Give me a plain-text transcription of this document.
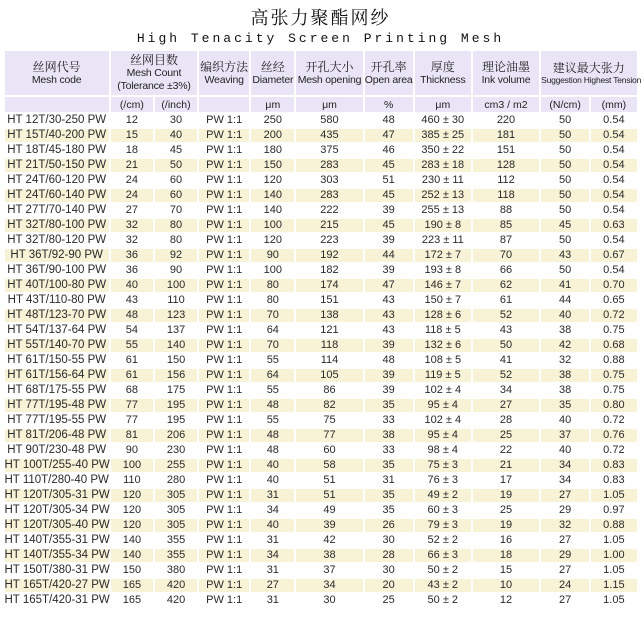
高张力聚酯网纱
High Tenacity Screen Printing Mesh
丝网代号
Mesh code

丝网目数
Mesh Count
(Tolerance ±3%)

编织方法
Weaving

丝经
Diameter

开孔大小
Mesh opening

开孔率
Open area

厚度
Thickness

理论油墨
Ink volume

建议最大张力
Suggestion Highest Tension

	(/cm)	(/inch)		μm	μm	%	μm	cm3 / m2	(N/cm)	(mm)
HT 12T/30-250 PW	12	30	PW 1:1	250	580	48	460 ± 30	220	50	0.54
HT 15T/40-200 PW	15	40	PW 1:1	200	435	47	385 ± 25	181	50	0.54
HT 18T/45-180 PW	18	45	PW 1:1	180	375	46	350 ± 22	151	50	0.54
HT 21T/50-150 PW	21	50	PW 1:1	150	283	45	283 ± 18	128	50	0.54
HT 24T/60-120 PW	24	60	PW 1:1	120	303	51	230 ± 11	112	50	0.54
HT 24T/60-140 PW	24	60	PW 1:1	140	283	45	252 ± 13	118	50	0.54
HT 27T/70-140 PW	27	70	PW 1:1	140	222	39	255 ± 13	88	50	0.54
HT 32T/80-100 PW	32	80	PW 1:1	100	215	45	190 ± 8	85	45	0.63
HT 32T/80-120 PW	32	80	PW 1:1	120	223	39	223 ± 11	87	50	0.54
HT 36T/92-90 PW	36	92	PW 1:1	90	192	44	172 ± 7	70	43	0.67
HT 36T/90-100 PW	36	90	PW 1:1	100	182	39	193 ± 8	66	50	0.54
HT 40T/100-80 PW	40	100	PW 1:1	80	174	47	146 ± 7	62	41	0.70
HT 43T/110-80 PW	43	110	PW 1:1	80	151	43	150 ± 7	61	44	0.65
HT 48T/123-70 PW	48	123	PW 1:1	70	138	43	128 ± 6	52	40	0.72
HT 54T/137-64 PW	54	137	PW 1:1	64	121	43	118 ± 5	43	38	0.75
HT 55T/140-70 PW	55	140	PW 1:1	70	118	39	132 ± 6	50	42	0.68
HT 61T/150-55 PW	61	150	PW 1:1	55	114	48	108 ± 5	41	32	0.88
HT 61T/156-64 PW	61	156	PW 1:1	64	105	39	119 ± 5	52	38	0.75
HT 68T/175-55 PW	68	175	PW 1:1	55	86	39	102 ± 4	34	38	0.75
HT 77T/195-48 PW	77	195	PW 1:1	48	82	35	95 ± 4	27	35	0.80
HT 77T/195-55 PW	77	195	PW 1:1	55	75	33	102 ± 4	28	40	0.72
HT 81T/206-48 PW	81	206	PW 1:1	48	77	38	95 ± 4	25	37	0.76
HT 90T/230-48 PW	90	230	PW 1:1	48	60	33	98 ± 4	22	40	0.72
HT 100T/255-40 PW	100	255	PW 1:1	40	58	35	75 ± 3	21	34	0.83
HT 110T/280-40 PW	110	280	PW 1:1	40	51	31	76 ± 3	17	34	0.83
HT 120T/305-31 PW	120	305	PW 1:1	31	51	35	49 ± 2	19	27	1.05
HT 120T/305-34 PW	120	305	PW 1:1	34	49	35	60 ± 3	25	29	0.97
HT 120T/305-40 PW	120	305	PW 1:1	40	39	26	79 ± 3	19	32	0.88
HT 140T/355-31 PW	140	355	PW 1:1	31	42	30	52 ± 2	16	27	1.05
HT 140T/355-34 PW	140	355	PW 1:1	34	38	28	66 ± 3	18	29	1.00
HT 150T/380-31 PW	150	380	PW 1:1	31	37	30	50 ± 2	15	27	1.05
HT 165T/420-27 PW	165	420	PW 1:1	27	34	20	43 ± 2	10	24	1.15
HT 165T/420-31 PW	165	420	PW 1:1	31	30	25	50 ± 2	12	27	1.05
